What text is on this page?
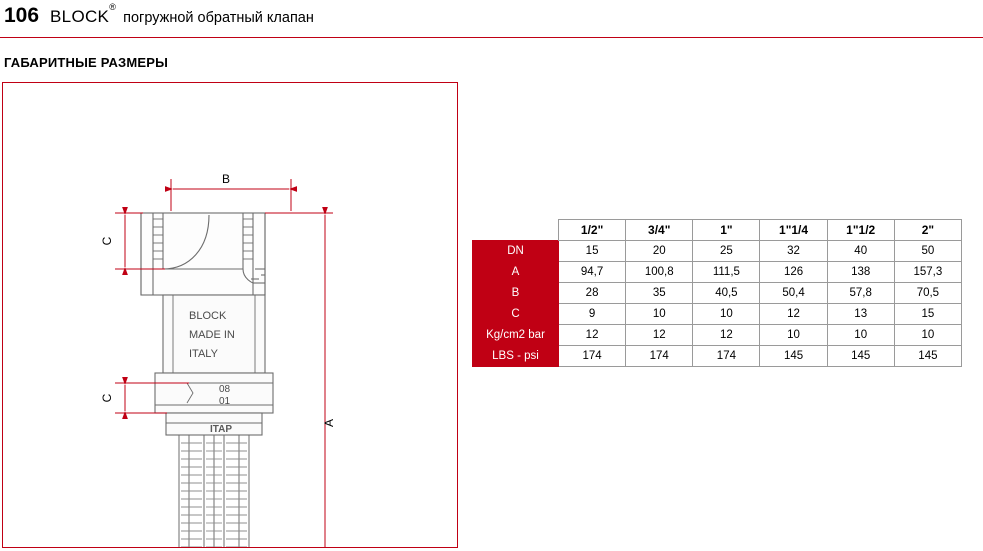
106 BLOCK®
погружной обратный клапан
ГАБАРИТНЫЕ РАЗМЕРЫ
BLOCK
MADE IN
ITALY
08
01
ITAP
B
A
C
C
	1/2"	3/4"	1"	1"1/4	1"1/2	2"
DN	15	20	25	32	40	50
A	94,7	100,8	111,5	126	138	157,3
B	28	35	40,5	50,4	57,8	70,5
C	9	10	10	12	13	15
Kg/cm2 bar	12	12	12	10	10	10
LBS - psi	174	174	174	145	145	145
